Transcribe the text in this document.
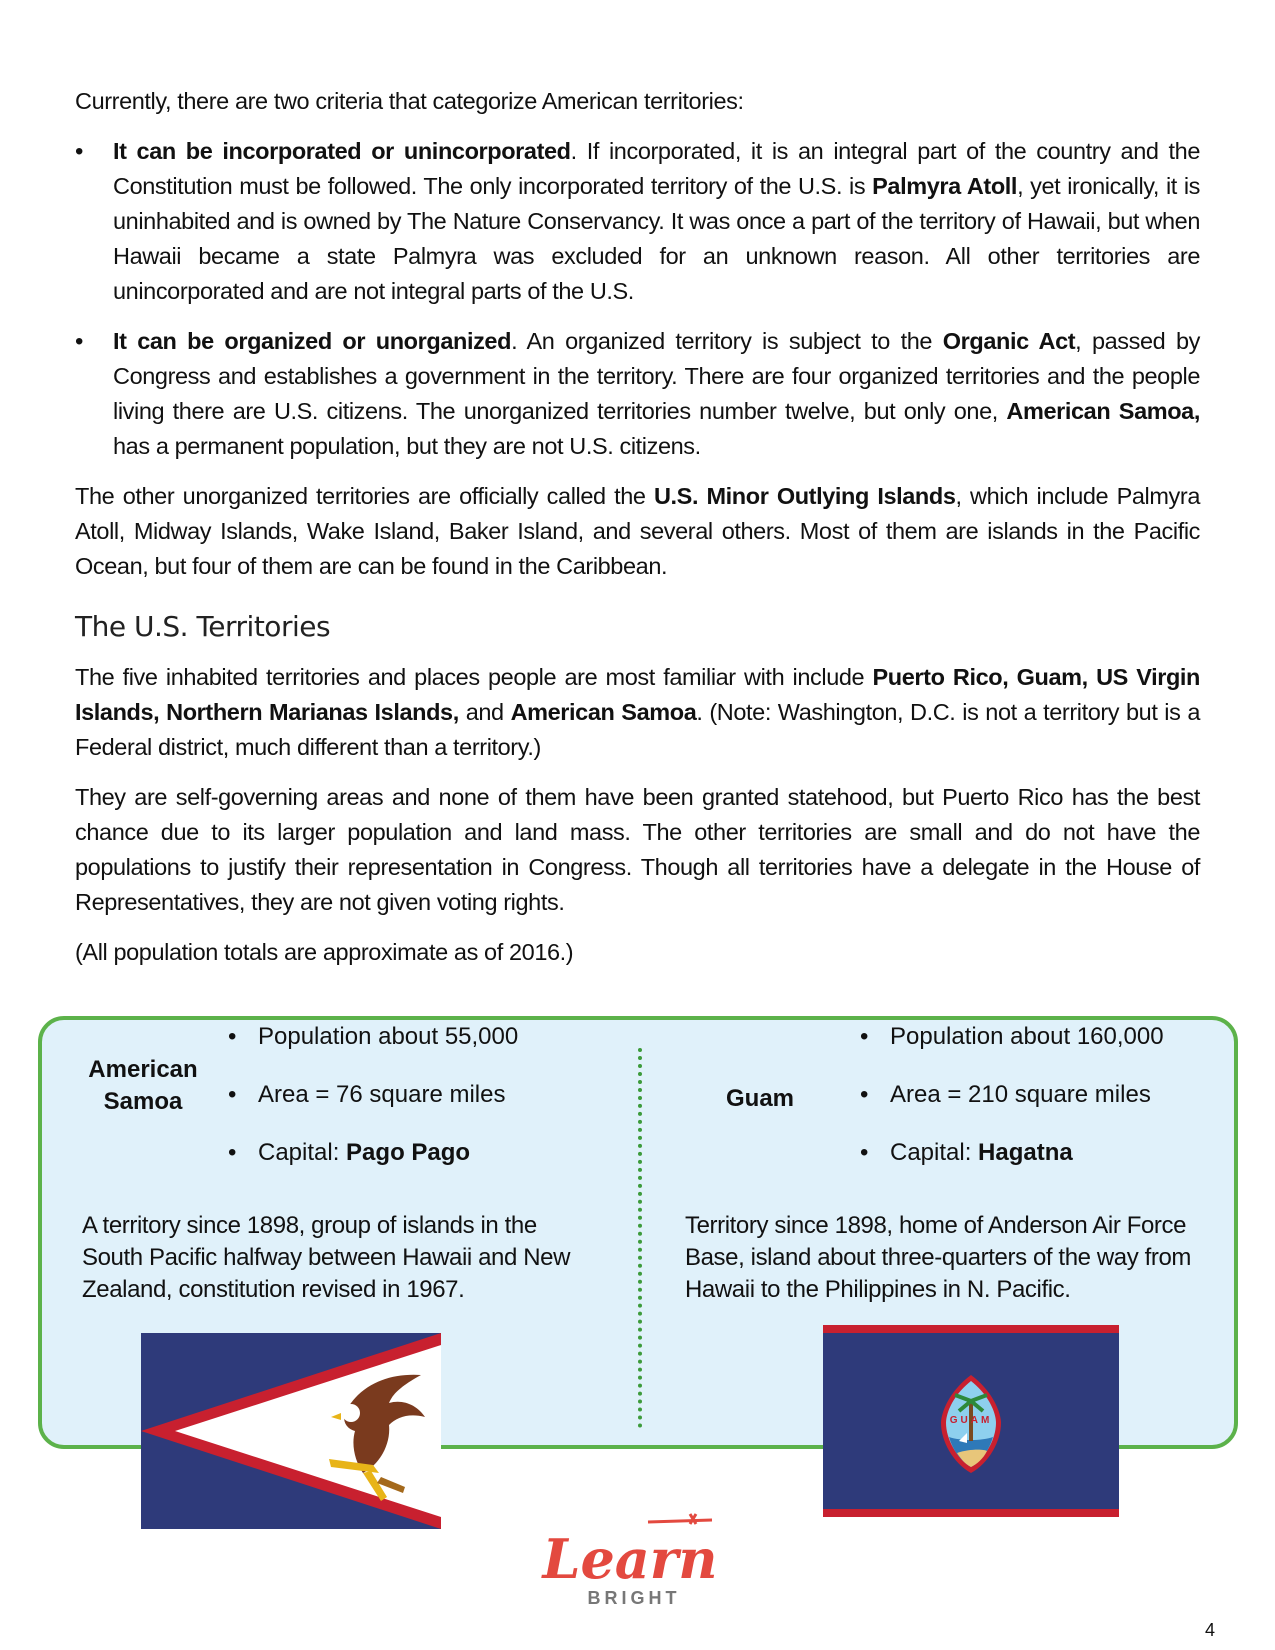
Currently, there are two criteria that categorize American territories:

• It can be incorporated or unincorporated. If incorporated, it is an integral part of the country and the Constitution must be followed. The only incorporated territory of the U.S. is Palmyra Atoll, yet ironically, it is uninhabited and is owned by The Nature Conservancy. It was once a part of the territory of Hawaii, but when Hawaii became a state Palmyra was excluded for an unknown reason. All other territories are unincorporated and are not integral parts of the U.S.

• It can be organized or unorganized. An organized territory is subject to the Organic Act, passed by Congress and establishes a government in the territory. There are four organized territories and the people living there are U.S. citizens. The unorganized territories number twelve, but only one, American Samoa, has a permanent population, but they are not U.S. citizens.

The other unorganized territories are officially called the U.S. Minor Outlying Islands, which include Palmyra Atoll, Midway Islands, Wake Island, Baker Island, and several others. Most of them are islands in the Pacific Ocean, but four of them are can be found in the Caribbean.

The U.S. Territories

The five inhabited territories and places people are most familiar with include Puerto Rico, Guam, US Virgin Islands, Northern Marianas Islands, and American Samoa. (Note: Washington, D.C. is not a territory but is a Federal district, much different than a territory.)

They are self-governing areas and none of them have been granted statehood, but Puerto Rico has the best chance due to its larger population and land mass. The other territories are small and do not have the populations to justify their representation in Congress. Though all territories have a delegate in the House of Representatives, they are not given voting rights.

(All population totals are approximate as of 2016.)

American
Samoa
• Population about 55,000
• Area = 76 square miles
• Capital: Pago Pago

A territory since 1898, group of islands in the South Pacific halfway between Hawaii and New Zealand, constitution revised in 1967.

Guam
• Population about 160,000
• Area = 210 square miles
• Capital: Hagatna

Territory since 1898, home of Anderson Air Force Base, island about three-quarters of the way from Hawaii to the Philippines in N. Pacific.

GUAM
Learn
BRIGHT
4
